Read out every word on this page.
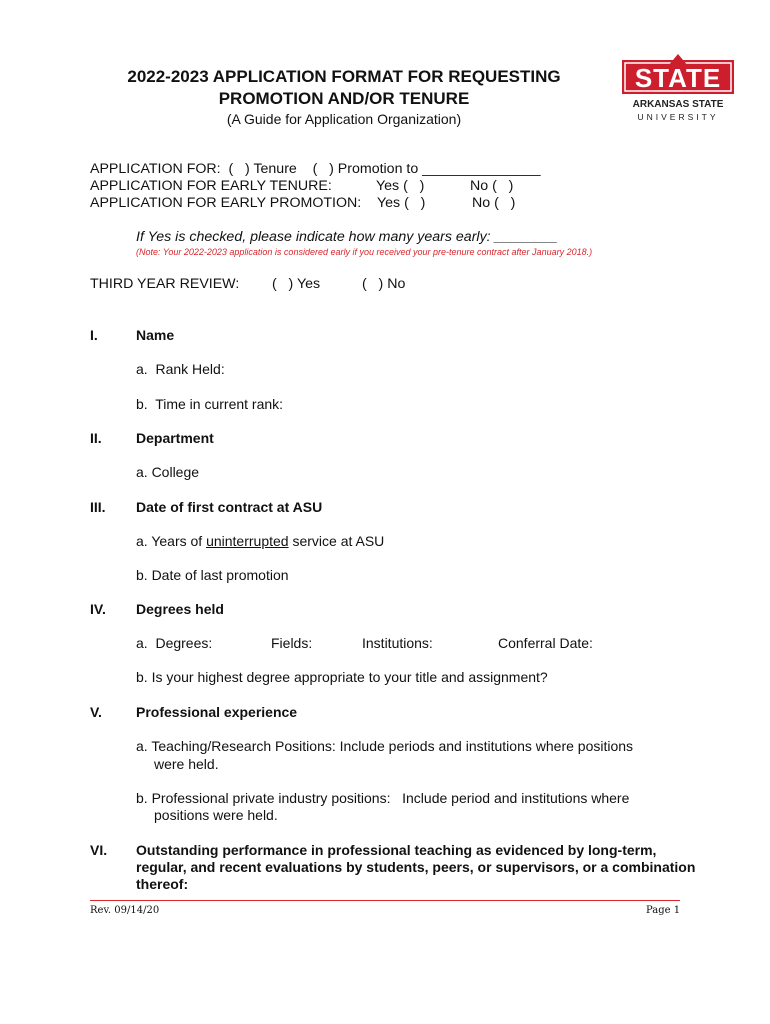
2022-2023 APPLICATION FORMAT FOR REQUESTING
PROMOTION AND/OR TENURE
(A Guide for Application Organization)
STATE
ARKANSAS STATE
UNIVERSITY
APPLICATION FOR:  (   ) Tenure    (   ) Promotion to _______________
APPLICATION FOR EARLY TENURE:	Yes (   )	No (   )
APPLICATION FOR EARLY PROMOTION: Yes (   )	No (   )
If Yes is checked, please indicate how many years early: ________
(Note: Your 2022-2023 application is considered early if you received your pre-tenure contract after January 2018.)
THIRD YEAR REVIEW: (   ) Yes	(   ) No
I.	Name
a.  Rank Held:
b.  Time in current rank:
II.	Department
a. College
III.	Date of first contract at ASU
a. Years of uninterrupted service at ASU
b. Date of last promotion
IV.	Degrees held
a.  Degrees:	Fields:	Institutions:	Conferral Date:
b. Is your highest degree appropriate to your title and assignment?
V.	Professional experience
a. Teaching/Research Positions: Include periods and institutions where positions
were held.
b. Professional private industry positions:   Include period and institutions where
positions were held.
VI.	Outstanding performance in professional teaching as evidenced by long-term, regular, and recent evaluations by students, peers, or supervisors, or a combination thereof:
Rev. 09/14/20	Page 1
